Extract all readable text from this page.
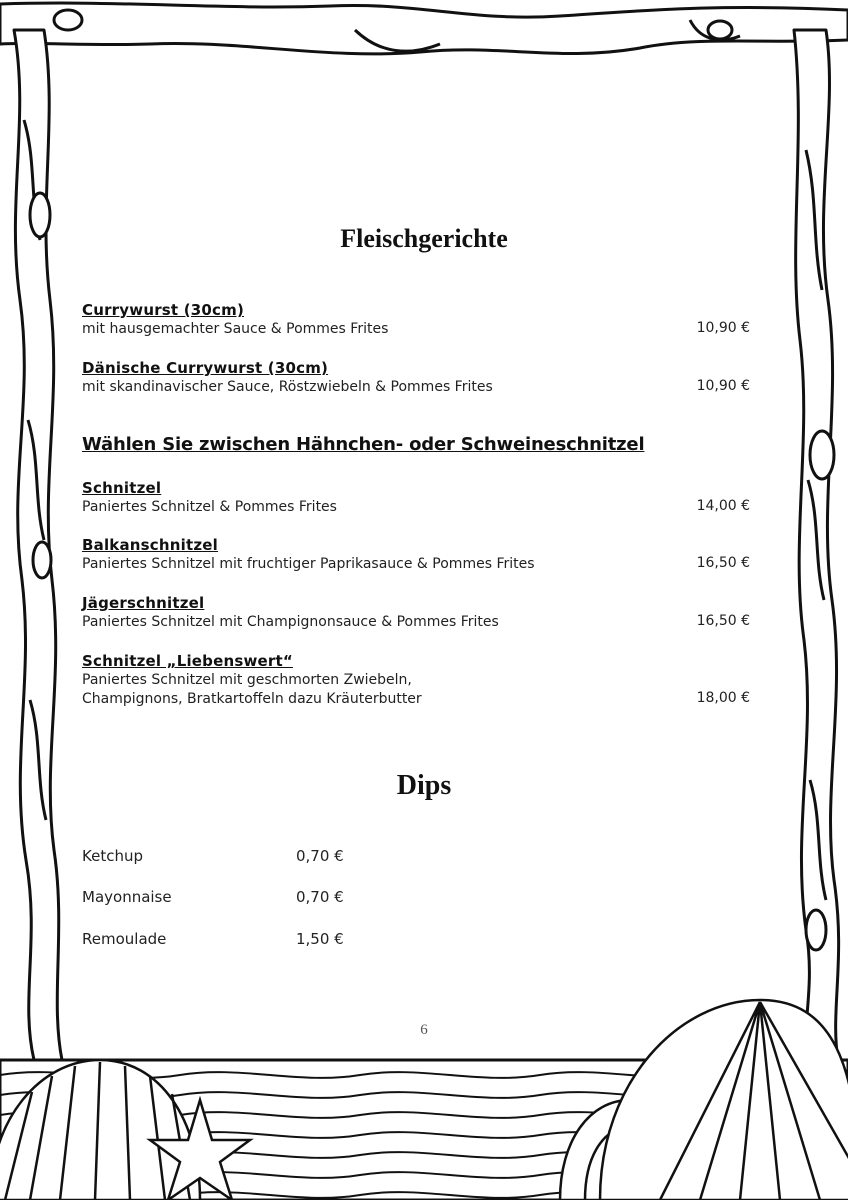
Fleischgerichte
Currywurst (30cm)
mit hausgemachter Sauce & Pommes Frites	10,90 €
Dänische Currywurst (30cm)
mit skandinavischer Sauce, Röstzwiebeln & Pommes Frites	10,90 €
Wählen Sie zwischen Hähnchen- oder Schweineschnitzel
Schnitzel
Paniertes Schnitzel & Pommes Frites	14,00 €
Balkanschnitzel
Paniertes Schnitzel mit fruchtiger Paprikasauce & Pommes Frites	16,50 €
Jägerschnitzel
Paniertes Schnitzel mit Champignonsauce & Pommes Frites	16,50 €
Schnitzel „Liebenswert“
Paniertes Schnitzel mit geschmorten Zwiebeln,
Champignons, Bratkartoffeln dazu Kräuterbutter	18,00 €
Dips
Ketchup	0,70 €
Mayonnaise	0,70 €
Remoulade	1,50 €
6
